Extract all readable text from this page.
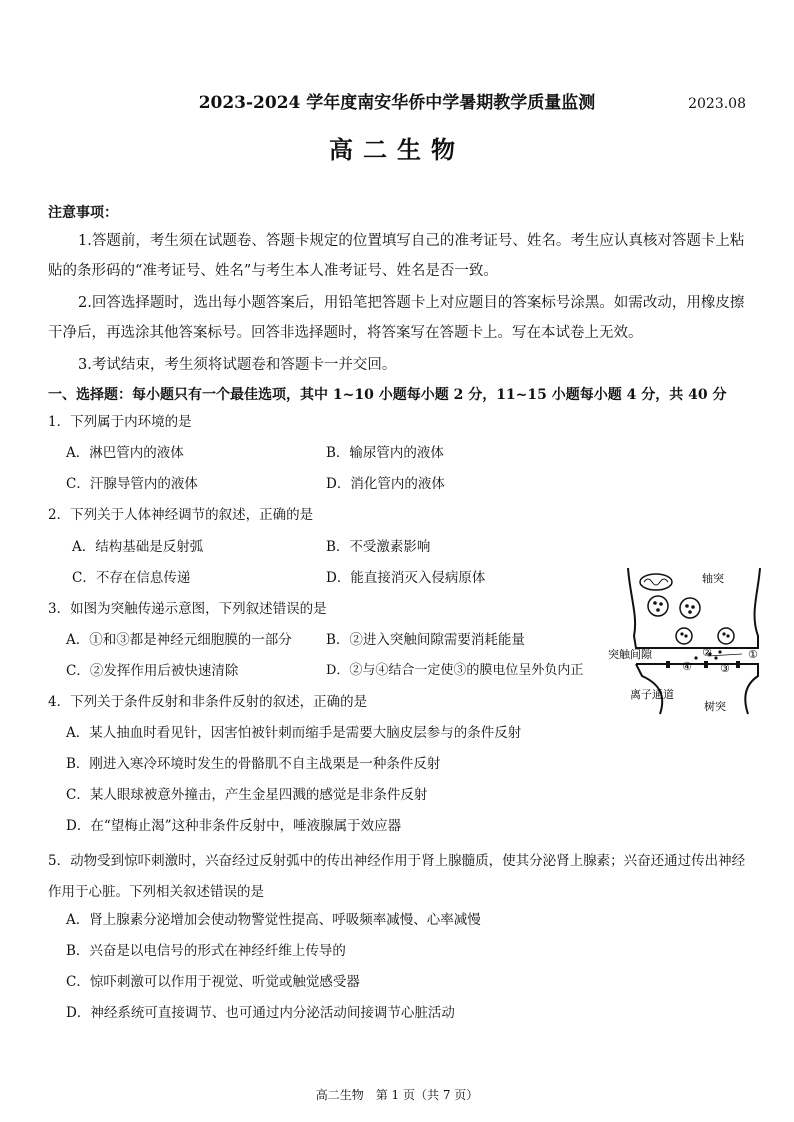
2023-2024 学年度南安华侨中学暑期教学质量监测	2023.08
高二生物
注意事项：
1.答题前，考生须在试题卷、答题卡规定的位置填写自己的准考证号、姓名。考生应认真核对答题卡上粘贴的条形码的“准考证号、姓名”与考生本人准考证号、姓名是否一致。
2.回答选择题时，选出每小题答案后，用铅笔把答题卡上对应题目的答案标号涂黑。如需改动，用橡皮擦干净后，再选涂其他答案标号。回答非选择题时，将答案写在答题卡上。写在本试卷上无效。
3.考试结束，考生须将试题卷和答题卡一并交回。
一、选择题：每小题只有一个最佳选项，其中 1~10 小题每小题 2 分，11~15 小题每小题 4 分，共 40 分
1．下列属于内环境的是
A．淋巴管内的液体	B．输尿管内的液体
C．汗腺导管内的液体	D．消化管内的液体
2．下列关于人体神经调节的叙述，正确的是
A．结构基础是反射弧	B．不受激素影响
C．不存在信息传递	D．能直接消灭入侵病原体
3．如图为突触传递示意图，下列叙述错误的是
A．①和③都是神经元细胞膜的一部分	B．②进入突触间隙需要消耗能量
C．②发挥作用后被快速清除	D．②与④结合一定使③的膜电位呈外负内正
①
②
③
④
轴突
突触间隙
离子通道
树突
4．下列关于条件反射和非条件反射的叙述，正确的是
A．某人抽血时看见针，因害怕被针刺而缩手是需要大脑皮层参与的条件反射
B．刚进入寒冷环境时发生的骨骼肌不自主战栗是一种条件反射
C．某人眼球被意外撞击，产生金星四溅的感觉是非条件反射
D．在“望梅止渴”这种非条件反射中，唾液腺属于效应器
5．动物受到惊吓刺激时，兴奋经过反射弧中的传出神经作用于肾上腺髓质，使其分泌肾上腺素；兴奋还通过传出神经作用于心脏。下列相关叙述错误的是
A．肾上腺素分泌增加会使动物警觉性提高、呼吸频率减慢、心率减慢
B．兴奋是以电信号的形式在神经纤维上传导的
C．惊吓刺激可以作用于视觉、听觉或触觉感受器
D．神经系统可直接调节、也可通过内分泌活动间接调节心脏活动
高二生物　第 1 页（共 7 页）
